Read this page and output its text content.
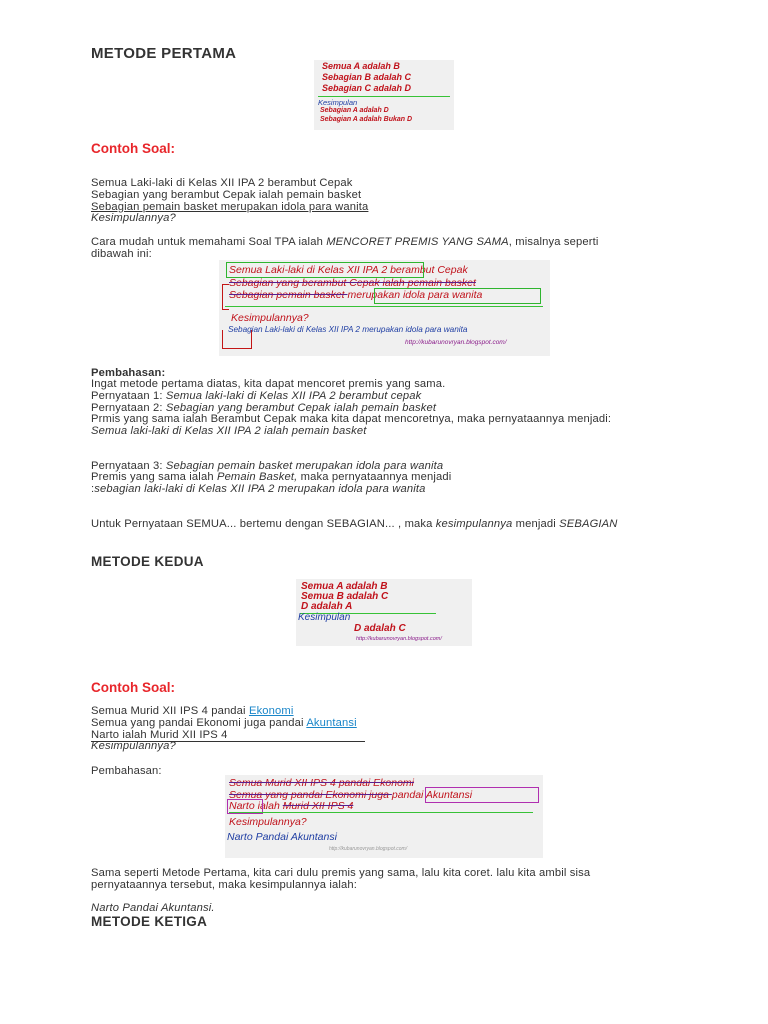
METODE PERTAMA
Semua A adalah B
Sebagian B adalah C
Sebagian C adalah D
Kesimpulan
Sebagian A adalah D
Sebagian A adalah Bukan D
Contoh Soal:
Semua Laki-laki di Kelas XII IPA 2 berambut Cepak
Sebagian yang berambut Cepak ialah pemain basket
Sebagian pemain basket merupakan idola para wanita
Kesimpulannya?
Cara mudah untuk memahami Soal TPA ialah MENCORET PREMIS YANG SAMA, misalnya seperti
dibawah ini:
Semua Laki-laki di Kelas XII IPA 2 berambut Cepak
Sebagian yang berambut Cepak ialah pemain basket
Sebagian pemain basket merupakan idola para wanita
Kesimpulannya?
Sebagian Laki-laki di Kelas XII IPA 2 merupakan idola para wanita
http://kubarunovryan.blogspot.com/
Pembahasan:
Ingat metode pertama diatas, kita dapat mencoret premis yang sama.
Pernyataan 1: Semua laki-laki di Kelas XII IPA 2 berambut cepak
Pernyataan 2: Sebagian yang berambut Cepak ialah pemain basket
Prmis yang sama ialah Berambut Cepak maka kita dapat mencoretnya, maka pernyataannya menjadi:
Semua laki-laki di Kelas XII IPA 2 ialah pemain basket
Pernyataan 3: Sebagian pemain basket merupakan idola para wanita
Premis yang sama ialah Pemain Basket, maka pernyataannya menjadi
:sebagian laki-laki di Kelas XII IPA 2 merupakan idola para wanita
Untuk Pernyataan SEMUA... bertemu dengan SEBAGIAN... , maka kesimpulannya menjadi SEBAGIAN
METODE KEDUA
Semua A adalah B
Semua B adalah C
D adalah A
Kesimpulan
D adalah C
http://kubarunovryan.blogspot.com/
Contoh Soal:
Semua Murid XII IPS 4 pandai Ekonomi
Semua yang pandai Ekonomi juga pandai Akuntansi
Narto ialah Murid XII IPS 4
Kesimpulannya?
Pembahasan:
Semua Murid XII IPS 4 pandai Ekonomi
Semua yang pandai Ekonomi juga pandai Akuntansi
Narto ialah Murid XII IPS 4
Kesimpulannya?
Narto Pandai Akuntansi
http://kubarunovryan.blogspot.com/
Sama seperti Metode Pertama, kita cari dulu premis yang sama, lalu kita coret. lalu kita ambil sisa
pernyataannya tersebut, maka kesimpulannya ialah:
Narto Pandai Akuntansi.
METODE KETIGA
